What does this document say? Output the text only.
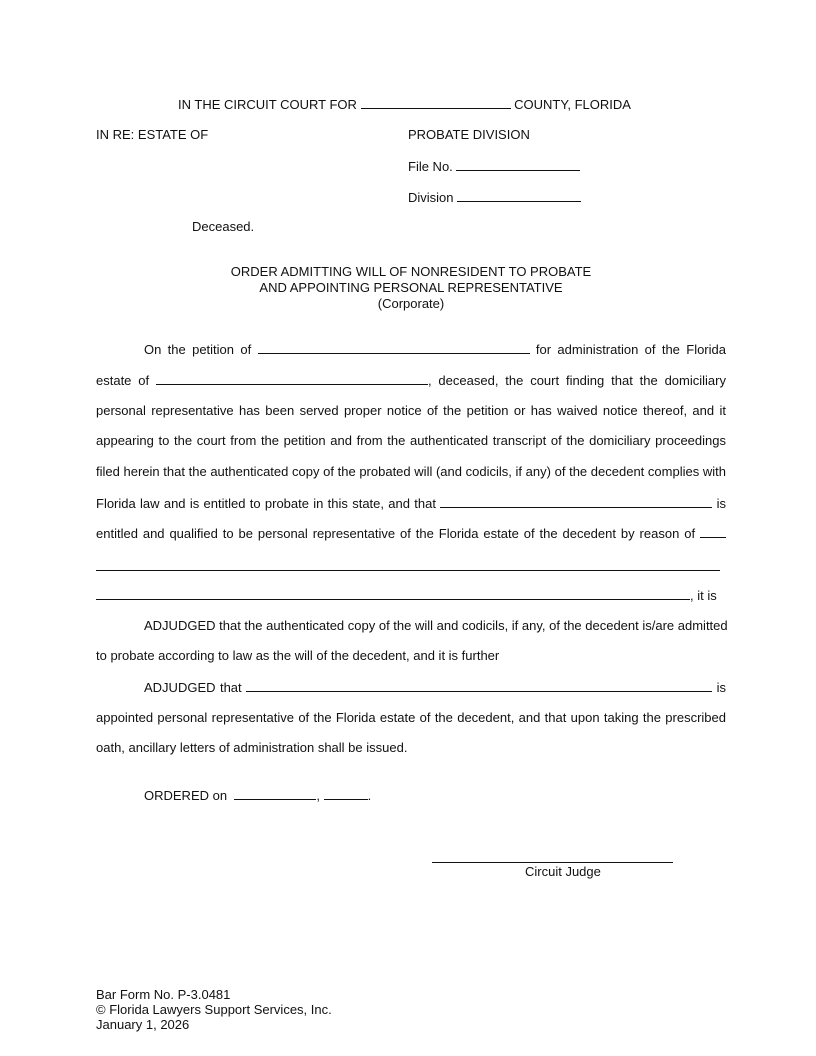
IN THE CIRCUIT COURT FOR	COUNTY, FLORIDA
IN RE: ESTATE OF	PROBATE DIVISION
File No.
Division
Deceased.
ORDER ADMITTING WILL OF NONRESIDENT TO PROBATE
AND APPOINTING PERSONAL REPRESENTATIVE
(Corporate)
On the petition of	for administration of the Florida
estate of	, deceased, the court finding that the domiciliary
personal representative has been served proper notice of the petition or has waived notice thereof, and it
appearing to the court from the petition and from the authenticated transcript of the domiciliary proceedings
filed herein that the authenticated copy of the probated will (and codicils, if any) of the decedent complies with
Florida law and is entitled to probate in this state, and that	is
entitled and qualified to be personal representative of the Florida estate of the decedent by reason of
, it is
ADJUDGED that the authenticated copy of the will and codicils, if any, of the decedent is/are admitted
to probate according to law as the will of the decedent, and it is further
ADJUDGED that	is
appointed personal representative of the Florida estate of the decedent, and that upon taking the prescribed
oath, ancillary letters of administration shall be issued.
ORDERED on	,	.
Circuit Judge
Bar Form No. P-3.0481
© Florida Lawyers Support Services, Inc.
January 1, 2026
